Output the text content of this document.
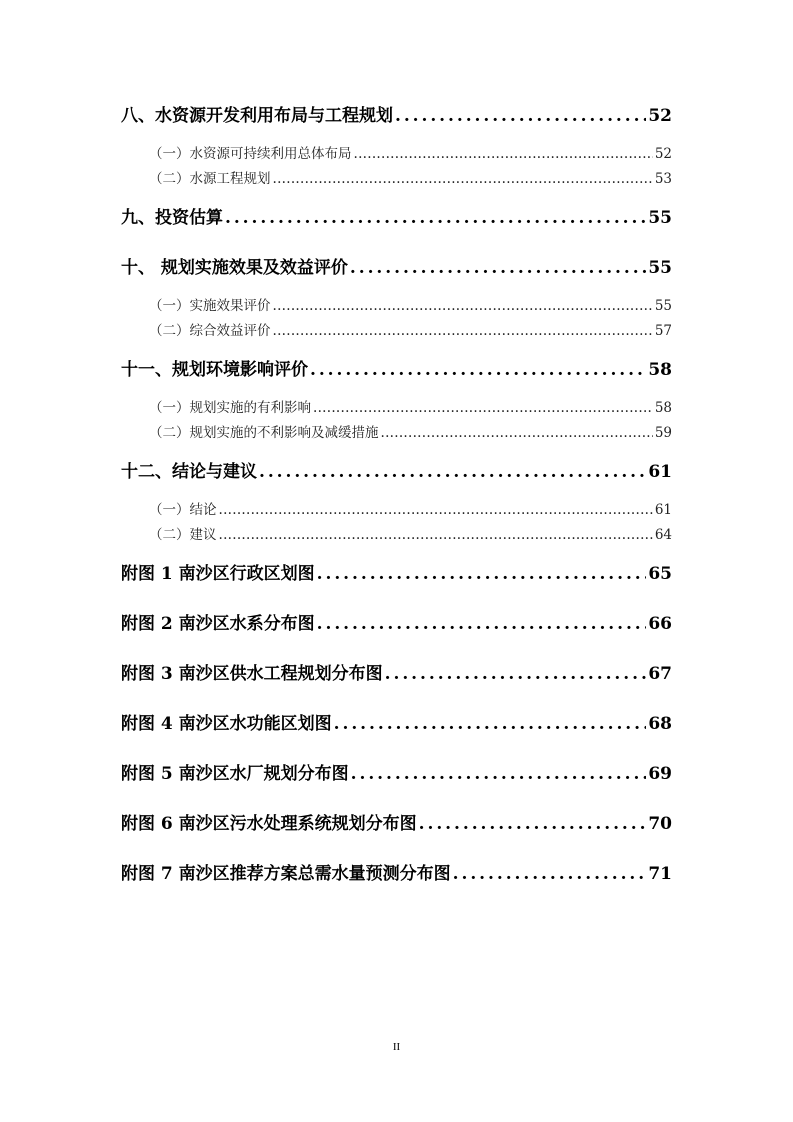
八、水资源开发利用布局与工程规划 . . .	52
（一）水资源可持续利用总体布局 . . .	52
（二）水源工程规划 . . .	53
九、投资估算 . . .	55
十、 规划实施效果及效益评价 . . .	55
（一）实施效果评价 . . .	55
（二）综合效益评价 . . .	57
十一、规划环境影响评价 . . .	58
（一）规划实施的有利影响 . . .	58
（二）规划实施的不利影响及减缓措施 . . .	59
十二、结论与建议 . . .	61
（一）结论 . . .	61
（二）建议 . . .	64
附图 1 南沙区行政区划图 . . .	65
附图 2 南沙区水系分布图 . . .	66
附图 3 南沙区供水工程规划分布图 . . .	67
附图 4 南沙区水功能区划图 . . .	68
附图 5 南沙区水厂规划分布图 . . .	69
附图 6 南沙区污水处理系统规划分布图 . . .	70
附图 7 南沙区推荐方案总需水量预测分布图 . . .	71
II
